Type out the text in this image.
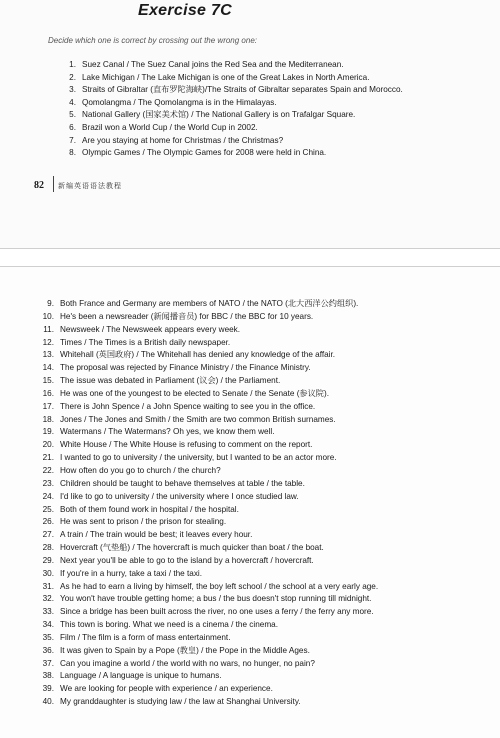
Exercise 7C
Decide which one is correct by crossing out the wrong one:
1. Suez Canal / The Suez Canal joins the Red Sea and the Mediterranean.
2. Lake Michigan / The Lake Michigan is one of the Great Lakes in North America.
3. Straits of Gibraltar (直布罗陀海峡)/The Straits of Gibraltar separates Spain and Morocco.
4. Qomolangma / The Qomolangma is in the Himalayas.
5. National Gallery (国家美术馆) / The National Gallery is on Trafalgar Square.
6. Brazil won a World Cup / the World Cup in 2002.
7. Are you staying at home for Christmas / the Christmas?
8. Olympic Games / The Olympic Games for 2008 were held in China.
82 新编英语语法教程
9. Both France and Germany are members of NATO / the NATO (北大西洋公约组织).
10. He's been a newsreader (新闻播音员) for BBC / the BBC for 10 years.
11. Newsweek / The Newsweek appears every week.
12. Times / The Times is a British daily newspaper.
13. Whitehall (英国政府) / The Whitehall has denied any knowledge of the affair.
14. The proposal was rejected by Finance Ministry / the Finance Ministry.
15. The issue was debated in Parliament (议会) / the Parliament.
16. He was one of the youngest to be elected to Senate / the Senate (参议院).
17. There is John Spence / a John Spence waiting to see you in the office.
18. Jones / The Jones and Smith / the Smith are two common British surnames.
19. Watermans / The Watermans? Oh yes, we know them well.
20. White House / The White House is refusing to comment on the report.
21. I wanted to go to university / the university, but I wanted to be an actor more.
22. How often do you go to church / the church?
23. Children should be taught to behave themselves at table / the table.
24. I'd like to go to university / the university where I once studied law.
25. Both of them found work in hospital / the hospital.
26. He was sent to prison / the prison for stealing.
27. A train / The train would be best; it leaves every hour.
28. Hovercraft (气垫船) / The hovercraft is much quicker than boat / the boat.
29. Next year you'll be able to go to the island by a hovercraft / hovercraft.
30. If you're in a hurry, take a taxi / the taxi.
31. As he had to earn a living by himself, the boy left school / the school at a very early age.
32. You won't have trouble getting home; a bus / the bus doesn't stop running till midnight.
33. Since a bridge has been built across the river, no one uses a ferry / the ferry any more.
34. This town is boring. What we need is a cinema / the cinema.
35. Film / The film is a form of mass entertainment.
36. It was given to Spain by a Pope (教皇) / the Pope in the Middle Ages.
37. Can you imagine a world / the world with no wars, no hunger, no pain?
38. Language / A language is unique to humans.
39. We are looking for people with experience / an experience.
40. My granddaughter is studying law / the law at Shanghai University.
